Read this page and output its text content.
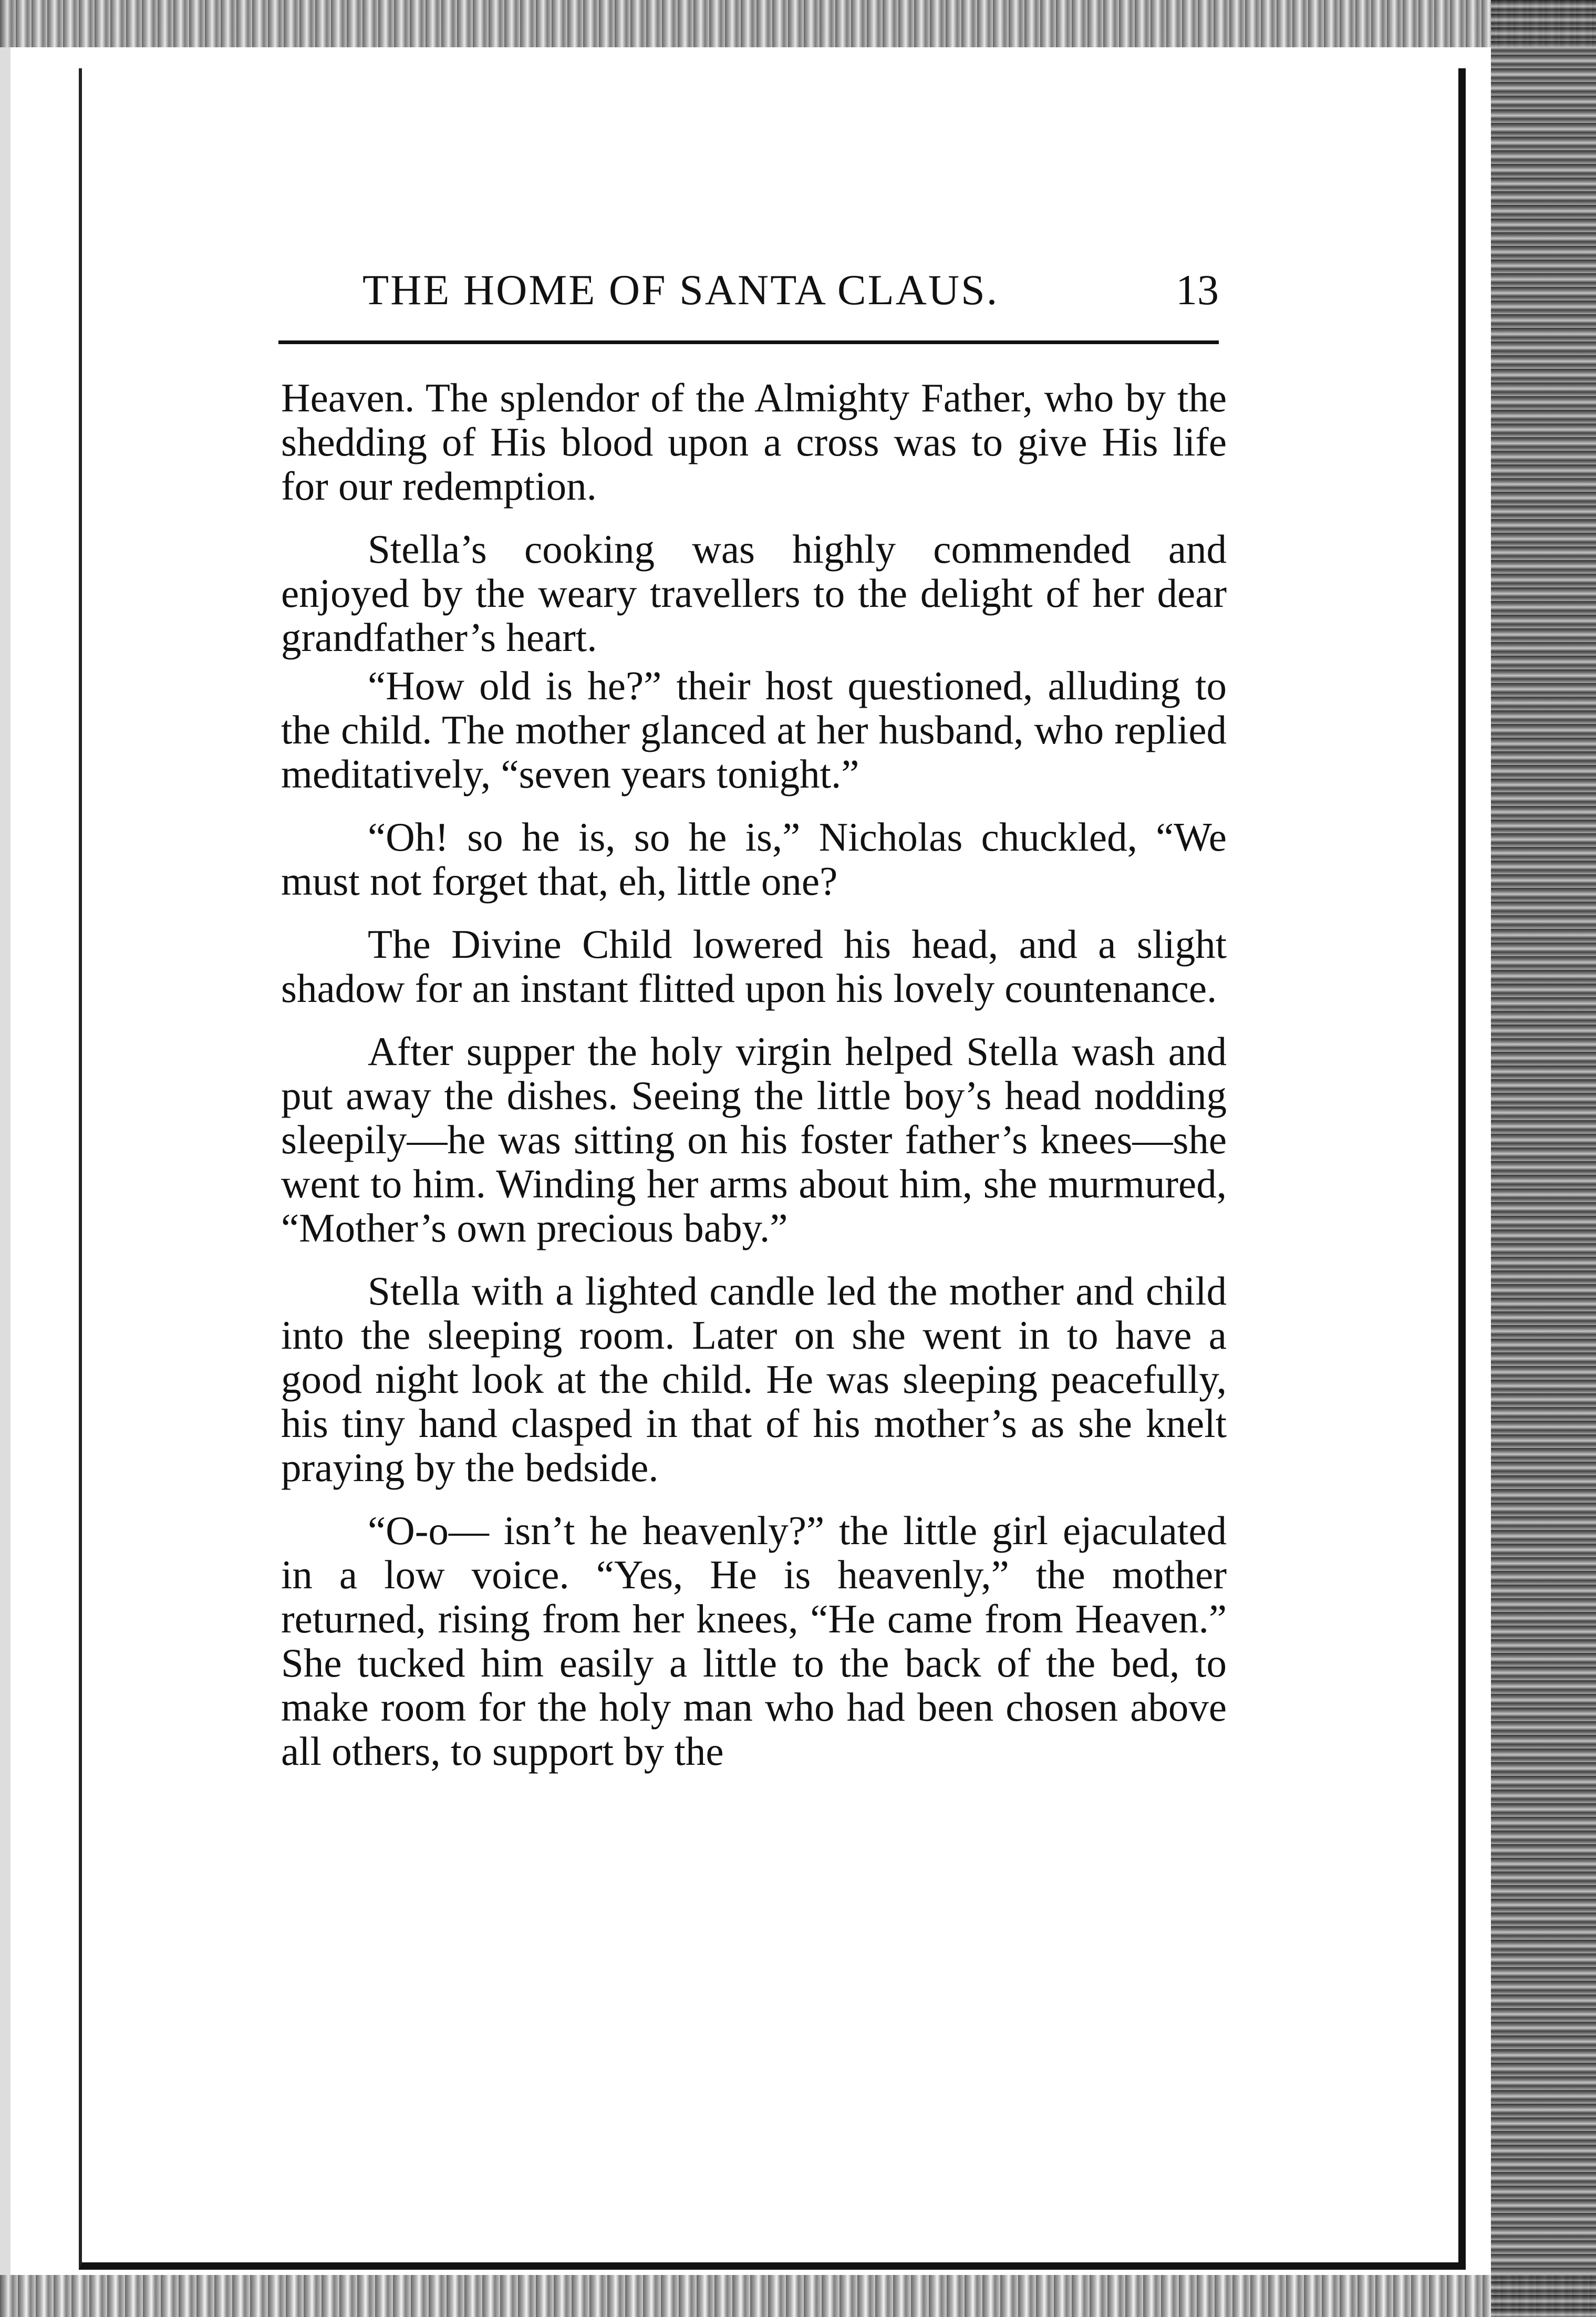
THE HOME OF SANTA CLAUS.	13

Heaven. The splendor of the Almighty Father, who by the shedding of His blood upon a cross was to give His life for our redemption.

Stella’s cooking was highly commended and enjoyed by the weary travellers to the delight of her dear grandfather’s heart.

“How old is he?” their host questioned, alluding to the child. The mother glanced at her husband, who replied meditatively, “seven years tonight.”

“Oh! so he is, so he is,” Nicholas chuckled, “We must not forget that, eh, little one?

The Divine Child lowered his head, and a slight shadow for an instant flitted upon his lovely countenance.

After supper the holy virgin helped Stella wash and put away the dishes. Seeing the little boy’s head nodding sleepily—he was sitting on his foster father’s knees—she went to him. Winding her arms about him, she murmured, “Mother’s own precious baby.”

Stella with a lighted candle led the mother and child into the sleeping room. Later on she went in to have a good night look at the child. He was sleeping peacefully, his tiny hand clasped in that of his mother’s as she knelt praying by the bedside.

“O-o— isn’t he heavenly?” the little girl ejaculated in a low voice. “Yes, He is heavenly,” the mother returned, rising from her knees, “He came from Heaven.” She tucked him easily a little to the back of the bed, to make room for the holy man who had been chosen above all others, to support by the
